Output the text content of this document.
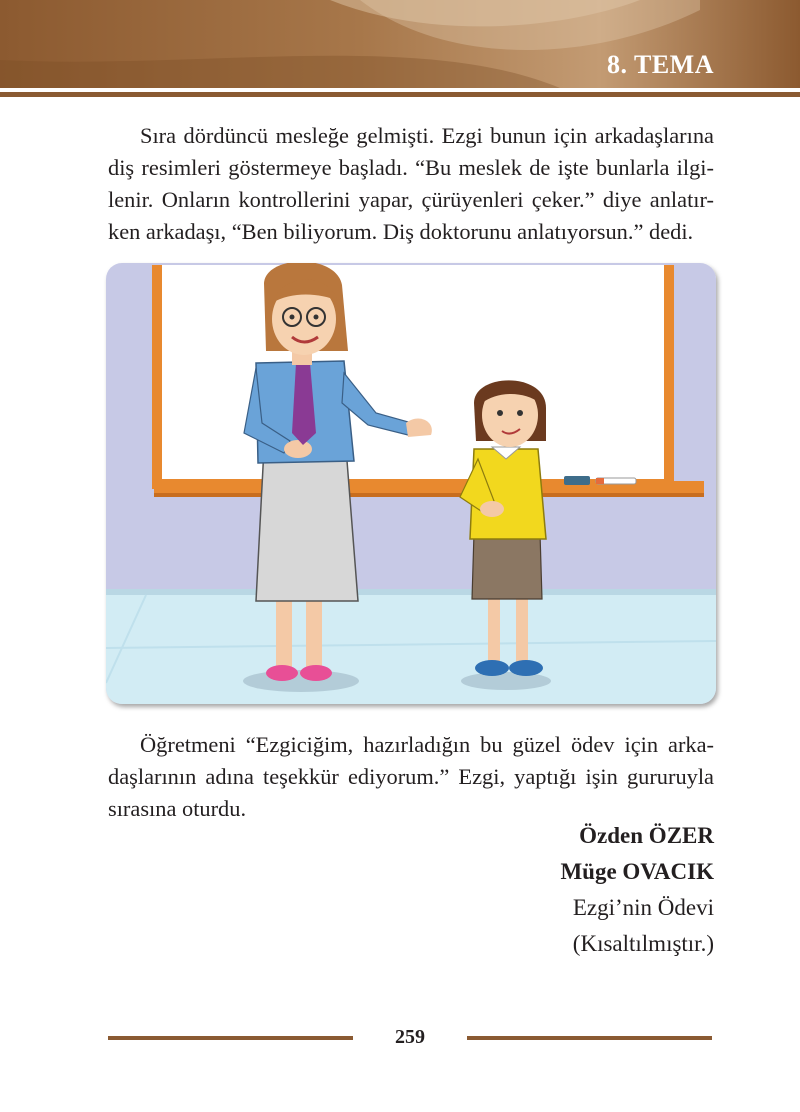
8. TEMA

Sıra dördüncü mesleğe gelmişti. Ezgi bunun için arkadaşlarına diş resimleri göstermeye başladı. “Bu meslek de işte bunlarla ilgi-lenir. Onların kontrollerini yapar, çürüyenleri çeker.” diye anlatır-ken arkadaşı, “Ben biliyorum. Diş doktorunu anlatıyorsun.” dedi.

Öğretmeni “Ezgiciğim, hazırladığın bu güzel ödev için arka-daşlarının adına teşekkür ediyorum.” Ezgi, yaptığı işin gururuyla sırasına oturdu.

Özden ÖZER
Müge OVACIK
Ezgi’nin Ödevi
(Kısaltılmıştır.)
259
